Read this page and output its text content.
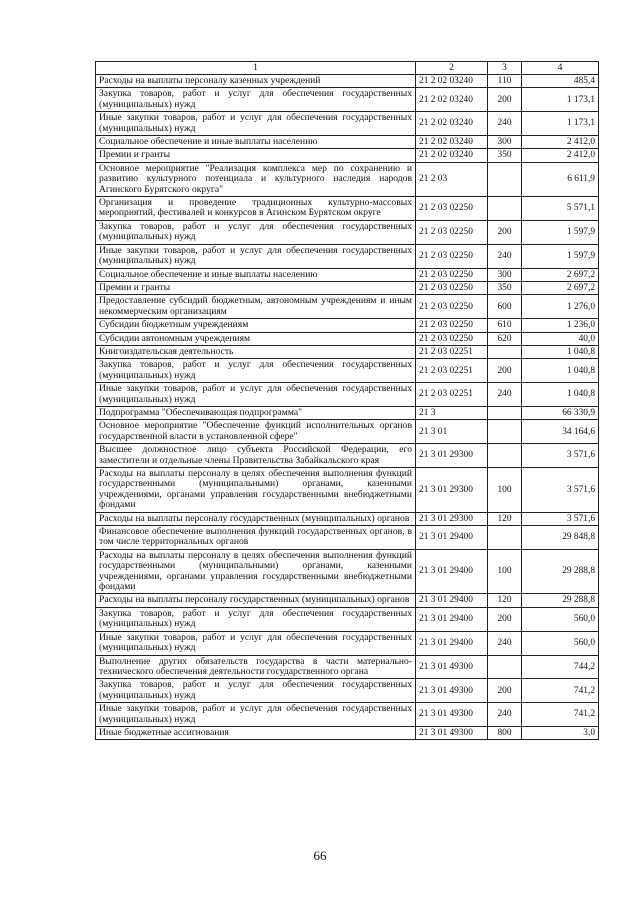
1	2	3	4
Расходы на выплаты персоналу казенных учреждений	21 2 02 03240	110	485,4
Закупка товаров, работ и услуг для обеспечения государственных (муниципальных) нужд	21 2 02 03240	200	1 173,1
Иные закупки товаров, работ и услуг для обеспечения государственных (муниципальных) нужд	21 2 02 03240	240	1 173,1
Социальное обеспечение и иные выплаты населению	21 2 02 03240	300	2 412,0
Премии и гранты	21 2 02 03240	350	2 412,0
Основное мероприятие "Реализация комплекса мер по сохранению и развитию культурного потенциала и культурного наследия народов Агинского Бурятского округа"	21 2 03		6 611,9
Организация и проведение традиционных культурно-массовых мероприятий, фестивалей и конкурсов в Агинском Бурятском округе	21 2 03 02250		5 571,1
Закупка товаров, работ и услуг для обеспечения государственных (муниципальных) нужд	21 2 03 02250	200	1 597,9
Иные закупки товаров, работ и услуг для обеспечения государственных (муниципальных) нужд	21 2 03 02250	240	1 597,9
Социальное обеспечение и иные выплаты населению	21 2 03 02250	300	2 697,2
Премии и гранты	21 2 03 02250	350	2 697,2
Предоставление субсидий бюджетным, автономным учреждениям и иным некоммерческим организациям	21 2 03 02250	600	1 276,0
Субсидии бюджетным учреждениям	21 2 03 02250	610	1 236,0
Субсидии автономным учреждениям	21 2 03 02250	620	40,0
Книгоиздательская деятельность	21 2 03 02251		1 040,8
Закупка товаров, работ и услуг для обеспечения государственных (муниципальных) нужд	21 2 03 02251	200	1 040,8
Иные закупки товаров, работ и услуг для обеспечения государственных (муниципальных) нужд	21 2 03 02251	240	1 040,8
Подпрограмма "Обеспечивающая подпрограмма"	21 3		66 330,9
Основное мероприятие "Обеспечение функций исполнительных органов государственной власти в установленной сфере"	21 3 01		34 164,6
Высшее должностное лицо субъекта Российской Федерации, его заместители и отдельные члены Правительства Забайкальского края	21 3 01 29300		3 571,6
Расходы на выплаты персоналу в целях обеспечения выполнения функций государственными (муниципальными) органами, казенными учреждениями, органами управления государственными внебюджетными фондами	21 3 01 29300	100	3 571,6
Расходы на выплаты персоналу государственных (муниципальных) органов	21 3 01 29300	120	3 571,6
Финансовое обеспечение выполнения функций государственных органов, в том числе территориальных органов	21 3 01 29400		29 848,8
Расходы на выплаты персоналу в целях обеспечения выполнения функций государственными (муниципальными) органами, казенными учреждениями, органами управления государственными внебюджетными фондами	21 3 01 29400	100	29 288,8
Расходы на выплаты персоналу государственных (муниципальных) органов	21 3 01 29400	120	29 288,8
Закупка товаров, работ и услуг для обеспечения государственных (муниципальных) нужд	21 3 01 29400	200	560,0
Иные закупки товаров, работ и услуг для обеспечения государственных (муниципальных) нужд	21 3 01 29400	240	560,0
Выполнение других обязательств государства в части материально-технического обеспечения деятельности государственного органа	21 3 01 49300		744,2
Закупка товаров, работ и услуг для обеспечения государственных (муниципальных) нужд	21 3 01 49300	200	741,2
Иные закупки товаров, работ и услуг для обеспечения государственных (муниципальных) нужд	21 3 01 49300	240	741,2
Иные бюджетные ассигнования	21 3 01 49300	800	3,0
66
